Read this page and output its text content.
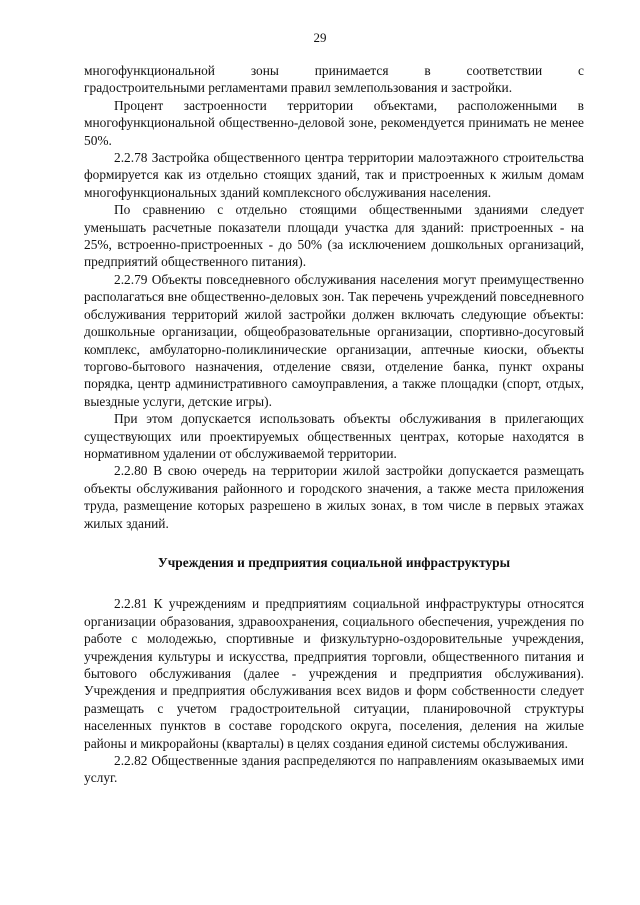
29

многофункциональной зоны принимается в соответствии с

градостроительными регламентами правил землепользования и застройки.

Процент застроенности территории объектами, расположенными в многофункциональной общественно-деловой зоне, рекомендуется принимать не менее 50%.

2.2.78 Застройка общественного центра территории малоэтажного строительства формируется как из отдельно стоящих зданий, так и пристроенных к жилым домам многофункциональных зданий комплексного обслуживания населения.

По сравнению с отдельно стоящими общественными зданиями следует уменьшать расчетные показатели площади участка для зданий: пристроенных - на 25%, встроенно-пристроенных - до 50% (за исключением дошкольных организаций, предприятий общественного питания).

2.2.79 Объекты повседневного обслуживания населения могут преимущественно располагаться вне общественно-деловых зон. Так перечень учреждений повседневного обслуживания территорий жилой застройки должен включать следующие объекты: дошкольные организации, общеобразовательные организации, спортивно-досуговый комплекс, амбулаторно-поликлинические организации, аптечные киоски, объекты торгово-бытового назначения, отделение связи, отделение банка, пункт охраны порядка, центр административного самоуправления, а также площадки (спорт, отдых, выездные услуги, детские игры).

При этом допускается использовать объекты обслуживания в прилегающих существующих или проектируемых общественных центрах, которые находятся в нормативном удалении от обслуживаемой территории.

2.2.80 В свою очередь на территории жилой застройки допускается размещать объекты обслуживания районного и городского значения, а также места приложения труда, размещение которых разрешено в жилых зонах, в том числе в первых этажах жилых зданий.

Учреждения и предприятия социальной инфраструктуры

2.2.81 К учреждениям и предприятиям социальной инфраструктуры относятся организации образования, здравоохранения, социального обеспечения, учреждения по работе с молодежью, спортивные и физкультурно-оздоровительные учреждения, учреждения культуры и искусства, предприятия торговли, общественного питания и бытового обслуживания (далее - учреждения и предприятия обслуживания). Учреждения и предприятия обслуживания всех видов и форм собственности следует размещать с учетом градостроительной ситуации, планировочной структуры населенных пунктов в составе городского округа, поселения, деления на жилые районы и микрорайоны (кварталы) в целях создания единой системы обслуживания.

2.2.82 Общественные здания распределяются по направлениям оказываемых ими услуг.
